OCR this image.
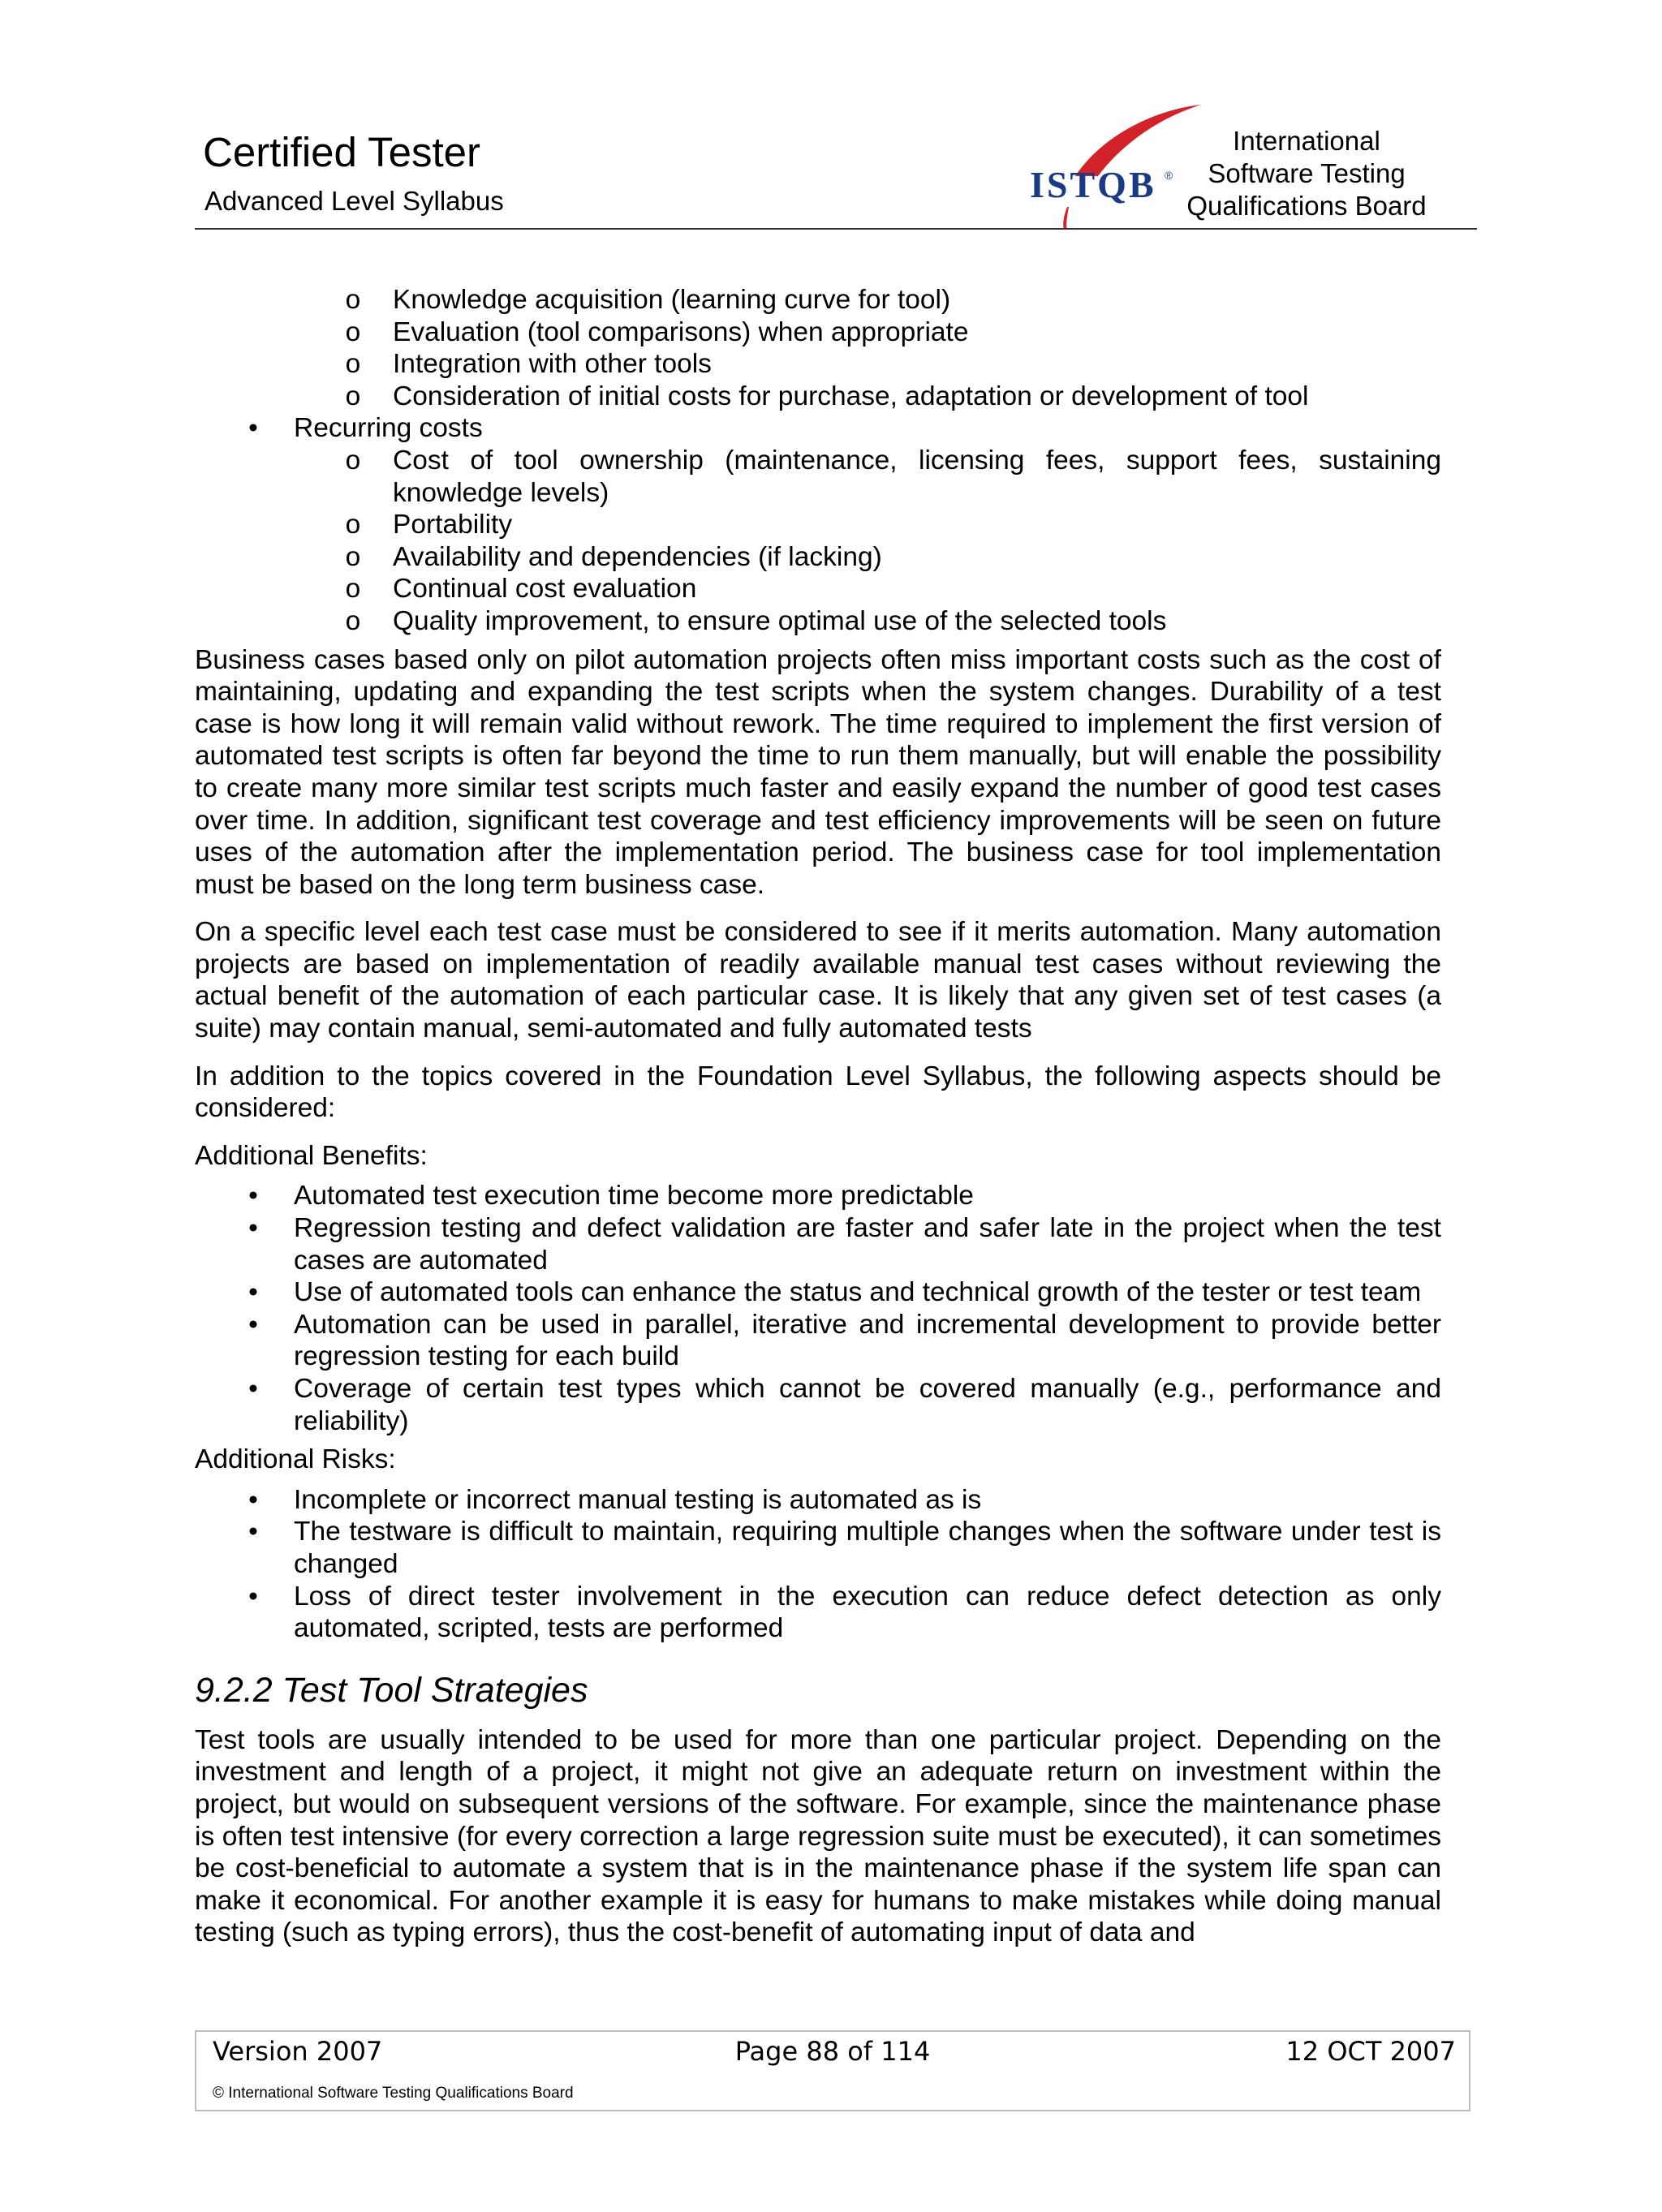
Certified Tester
Advanced Level Syllabus	ISTQB ®
International
Software Testing
Qualifications Board
o Knowledge acquisition (learning curve for tool)
o Evaluation (tool comparisons) when appropriate
o Integration with other tools
o Consideration of initial costs for purchase, adaptation or development of tool
• Recurring costs
o Cost of tool ownership (maintenance, licensing fees, support fees, sustaining knowledge levels)
o Portability
o Availability and dependencies (if lacking)
o Continual cost evaluation
o Quality improvement, to ensure optimal use of the selected tools

Business cases based only on pilot automation projects often miss important costs such as the cost of maintaining, updating and expanding the test scripts when the system changes. Durability of a test case is how long it will remain valid without rework. The time required to implement the first version of automated test scripts is often far beyond the time to run them manually, but will enable the possibility to create many more similar test scripts much faster and easily expand the number of good test cases over time. In addition, significant test coverage and test efficiency improvements will be seen on future uses of the automation after the implementation period. The business case for tool implementation must be based on the long term business case.

On a specific level each test case must be considered to see if it merits automation. Many automation projects are based on implementation of readily available manual test cases without reviewing the actual benefit of the automation of each particular case. It is likely that any given set of test cases (a suite) may contain manual, semi-automated and fully automated tests

In addition to the topics covered in the Foundation Level Syllabus, the following aspects should be considered:

Additional Benefits:
• Automated test execution time become more predictable
• Regression testing and defect validation are faster and safer late in the project when the test cases are automated
• Use of automated tools can enhance the status and technical growth of the tester or test team
• Automation can be used in parallel, iterative and incremental development to provide better regression testing for each build
• Coverage of certain test types which cannot be covered manually (e.g., performance and reliability)
Additional Risks:
• Incomplete or incorrect manual testing is automated as is
• The testware is difficult to maintain, requiring multiple changes when the software under test is changed
• Loss of direct tester involvement in the execution can reduce defect detection as only automated, scripted, tests are performed
9.2.2 Test Tool Strategies

Test tools are usually intended to be used for more than one particular project. Depending on the investment and length of a project, it might not give an adequate return on investment within the project, but would on subsequent versions of the software. For example, since the maintenance phase is often test intensive (for every correction a large regression suite must be executed), it can sometimes be cost-beneficial to automate a system that is in the maintenance phase if the system life span can make it economical. For another example it is easy for humans to make mistakes while doing manual testing (such as typing errors), thus the cost-benefit of automating input of data and

Page 88 of 114
Version 2007	12 OCT 2007
© International Software Testing Qualifications Board
